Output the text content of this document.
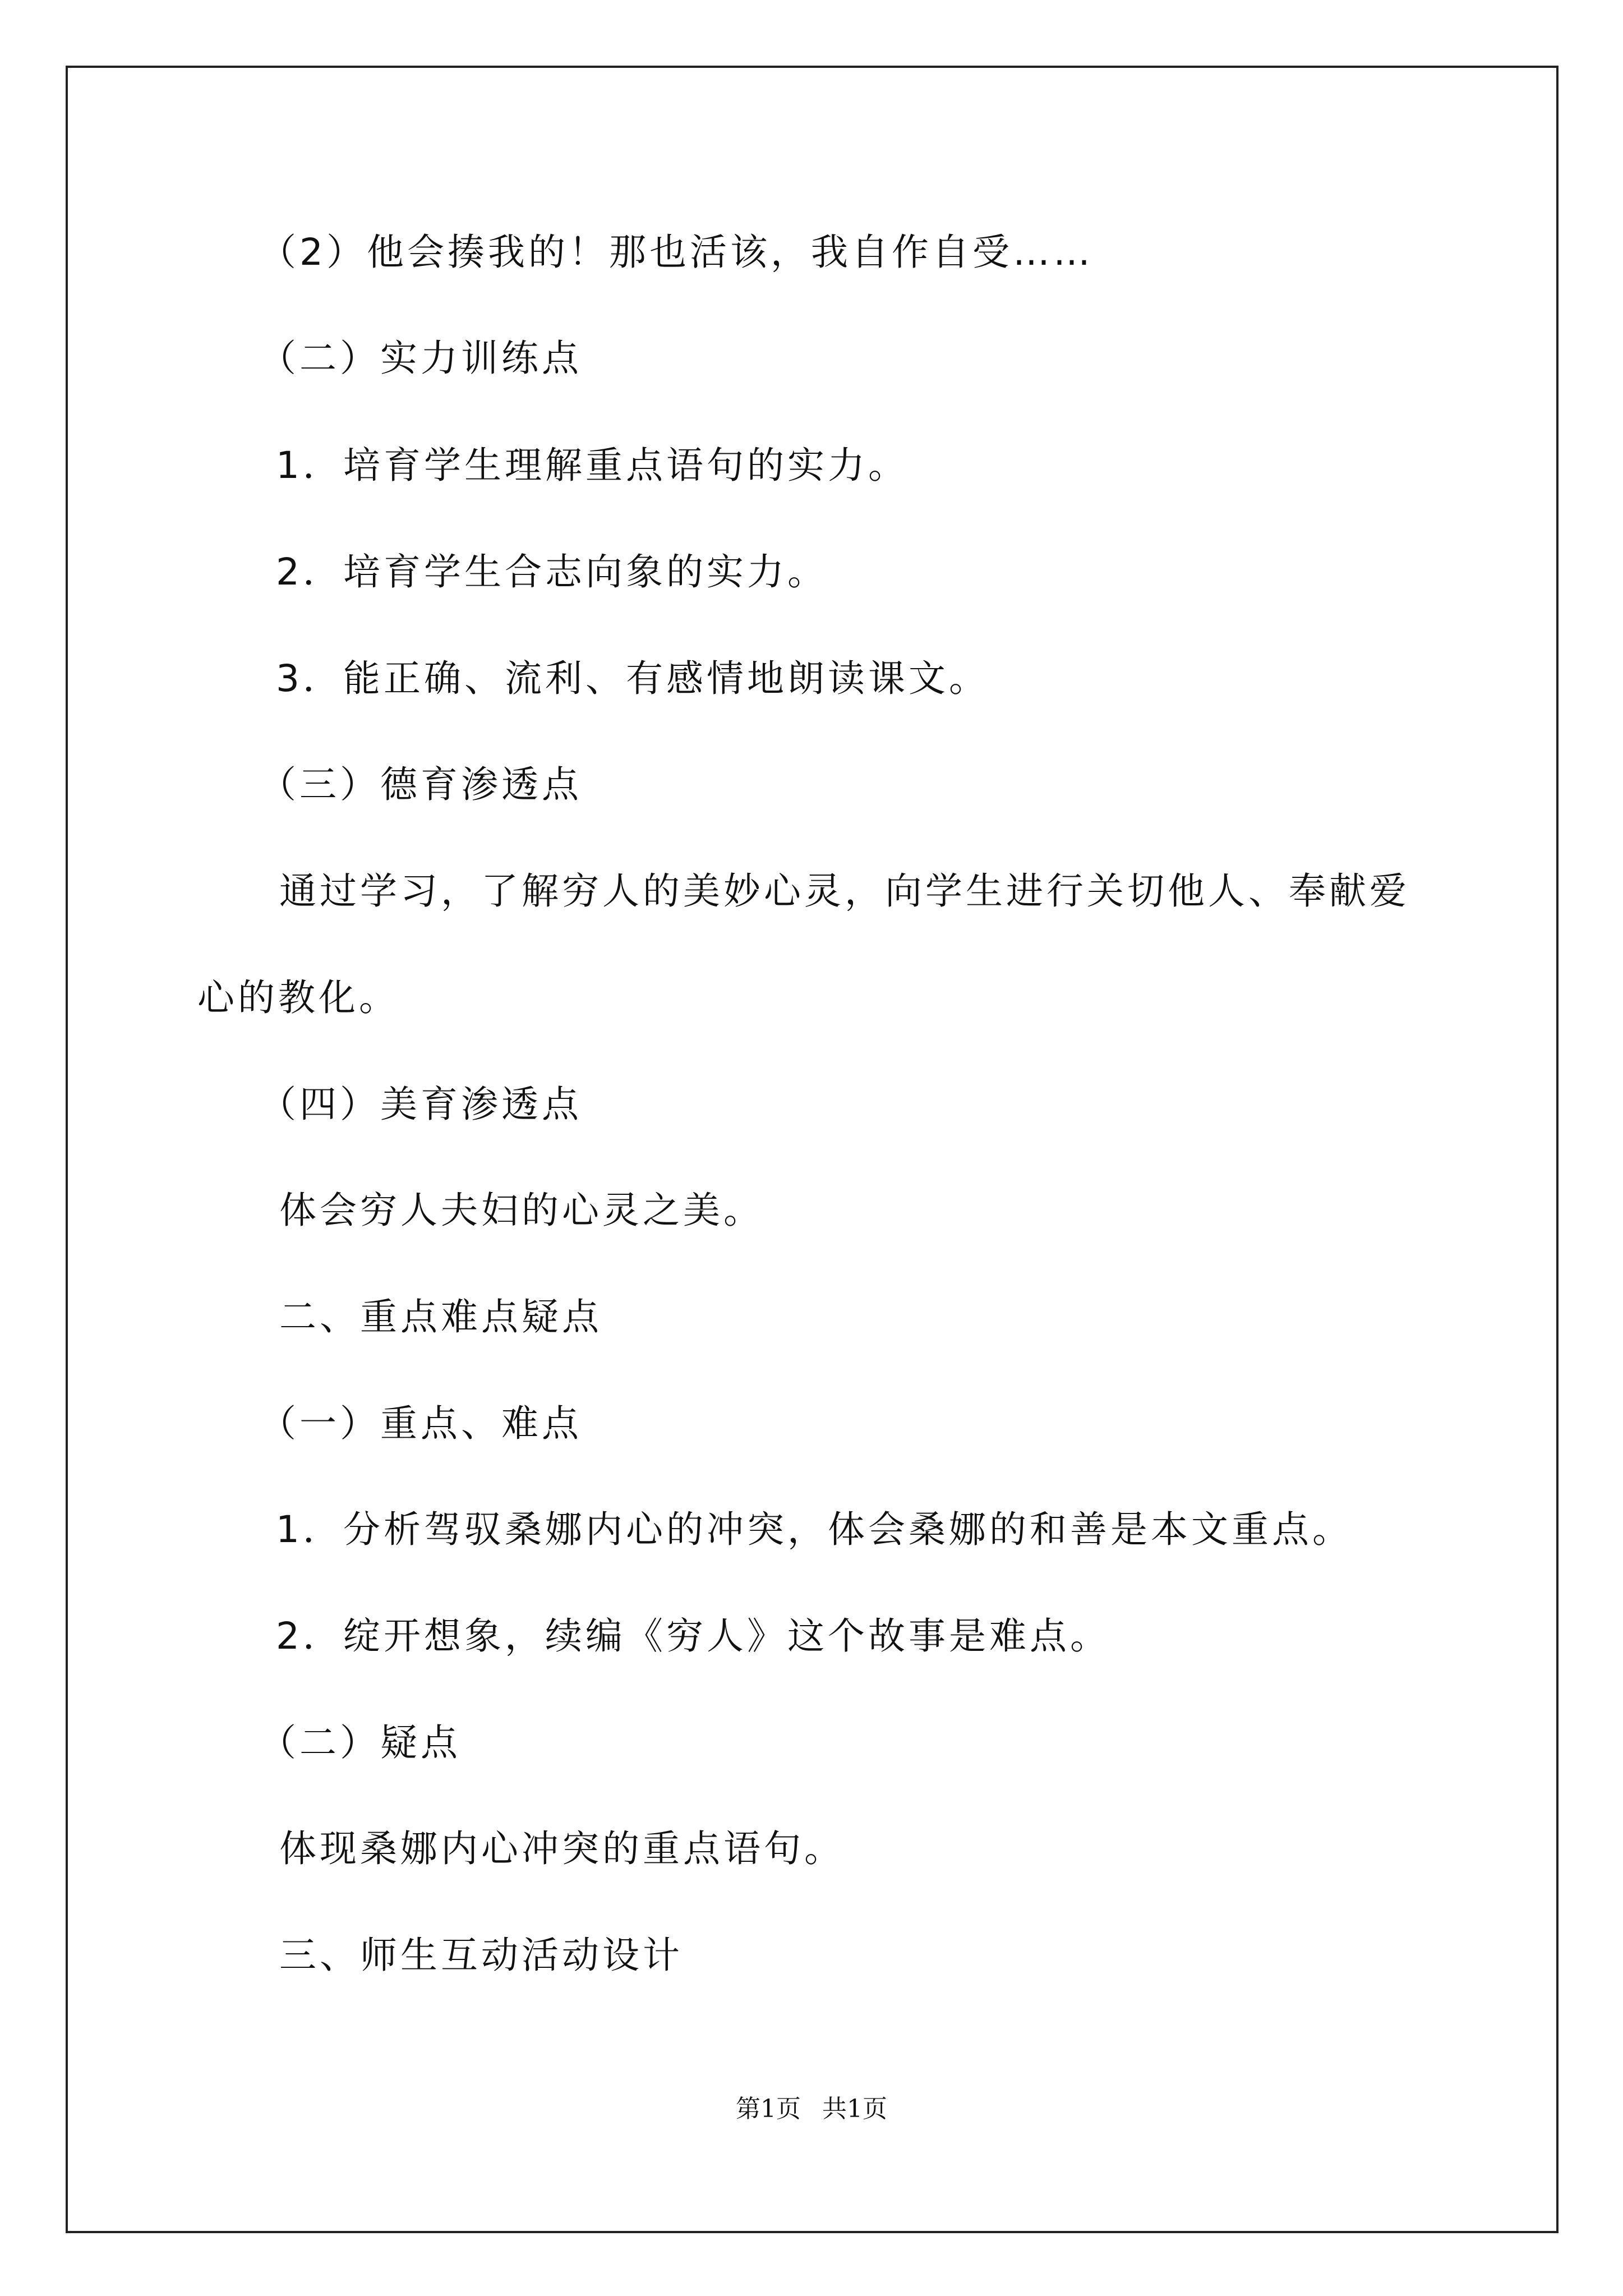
（2）他会揍我的！那也活该，我自作自受……
（二）实力训练点
1．培育学生理解重点语句的实力。
2．培育学生合志向象的实力。
3．能正确、流利、有感情地朗读课文。
（三）德育渗透点
通过学习，了解穷人的美妙心灵，向学生进行关切他人、奉献爱
心的教化。
（四）美育渗透点
体会穷人夫妇的心灵之美。
二、重点难点疑点
（一）重点、难点
1．分析驾驭桑娜内心的冲突，体会桑娜的和善是本文重点。
2．绽开想象，续编《穷人》这个故事是难点。
（二）疑点
体现桑娜内心冲突的重点语句。
三、师生互动活动设计
第1页 共1页
